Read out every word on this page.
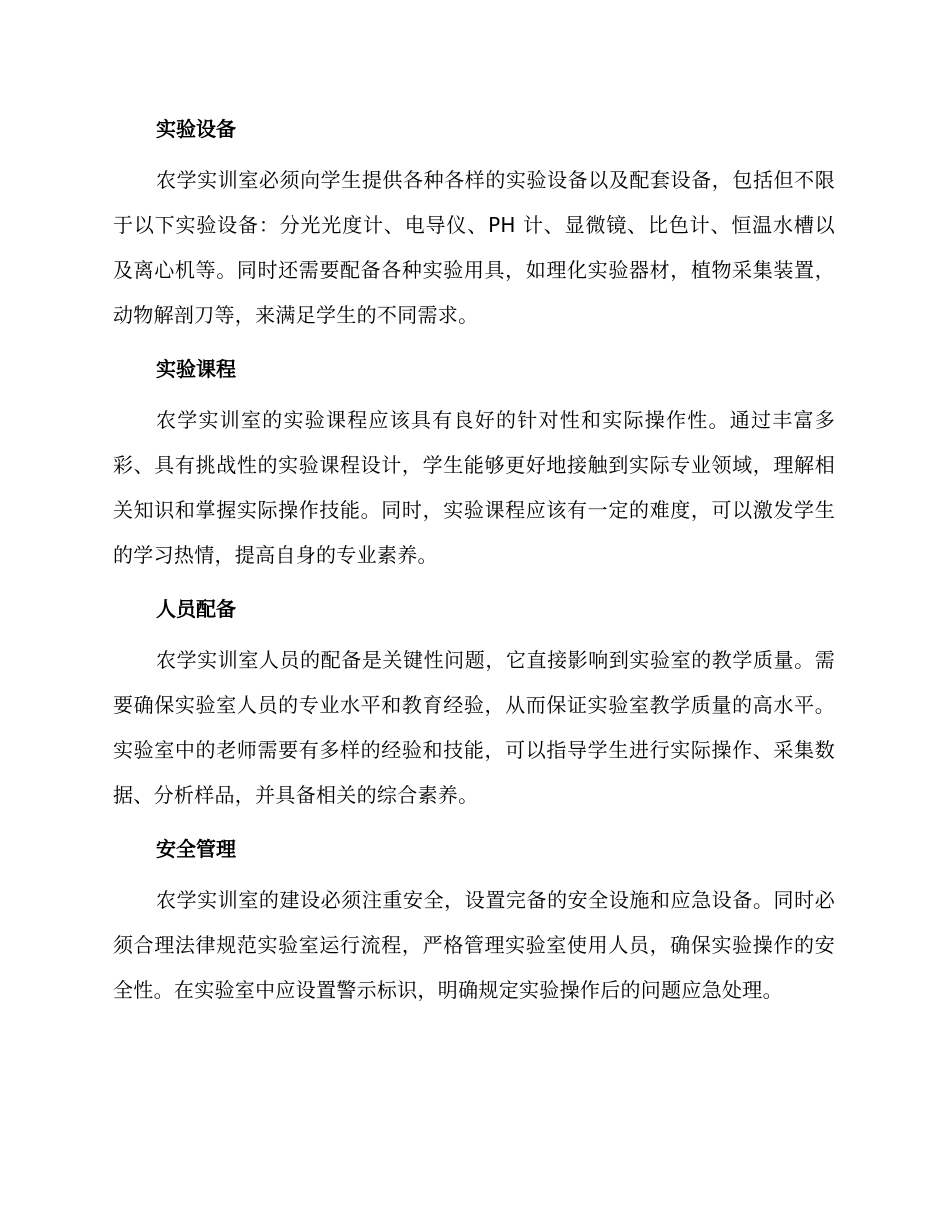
实验设备

农学实训室必须向学生提供各种各样的实验设备以及配套设备，包括但不限于以下实验设备：分光光度计、电导仪、PH 计、显微镜、比色计、恒温水槽以及离心机等。同时还需要配备各种实验用具，如理化实验器材，植物采集装置，动物解剖刀等，来满足学生的不同需求。

实验课程

农学实训室的实验课程应该具有良好的针对性和实际操作性。通过丰富多彩、具有挑战性的实验课程设计，学生能够更好地接触到实际专业领域，理解相关知识和掌握实际操作技能。同时，实验课程应该有一定的难度，可以激发学生的学习热情，提高自身的专业素养。

人员配备

农学实训室人员的配备是关键性问题，它直接影响到实验室的教学质量。需要确保实验室人员的专业水平和教育经验，从而保证实验室教学质量的高水平。实验室中的老师需要有多样的经验和技能，可以指导学生进行实际操作、采集数据、分析样品，并具备相关的综合素养。

安全管理

农学实训室的建设必须注重安全，设置完备的安全设施和应急设备。同时必须合理法律规范实验室运行流程，严格管理实验室使用人员，确保实验操作的安全性。在实验室中应设置警示标识，明确规定实验操作后的问题应急处理。
